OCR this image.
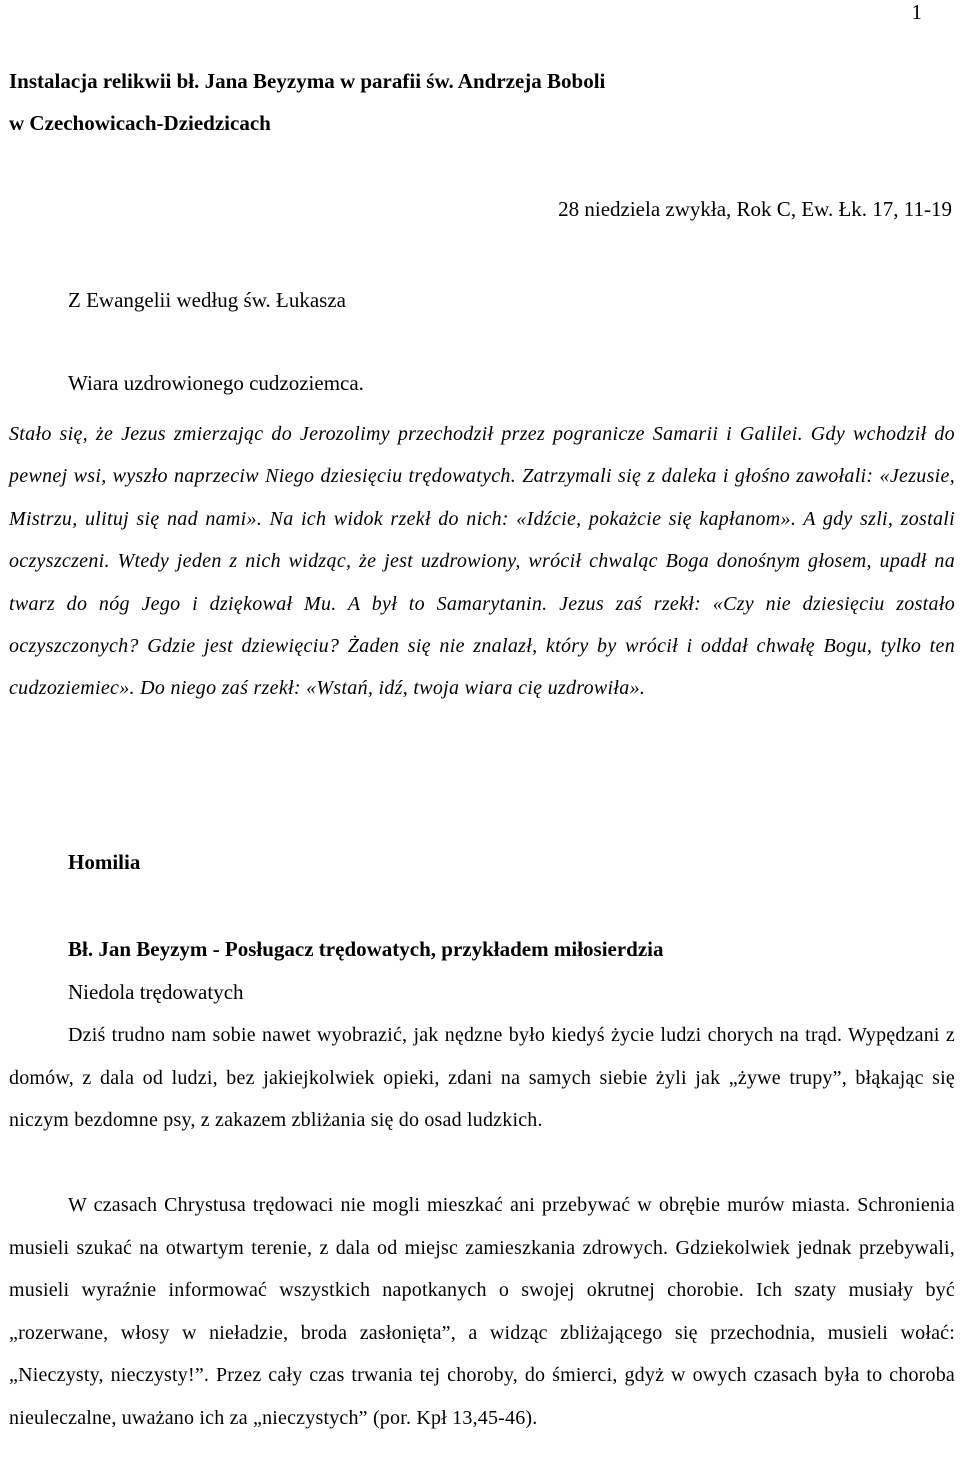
1

Instalacja relikwii bł. Jana Beyzyma w parafii św. Andrzeja Boboli

w Czechowicach-Dziedzicach

28 niedziela zwykła, Rok C, Ew. Łk. 17, 11-19
Z Ewangelii według św. Łukasza
Wiara uzdrowionego cudzoziemca.

Stało się, że Jezus zmierzając do Jerozolimy przechodził przez pogranicze Samarii i Galilei. Gdy wchodził do pewnej wsi, wyszło naprzeciw Niego dziesięciu trędowatych. Zatrzymali się z daleka i głośno zawołali: «Jezusie, Mistrzu, ulituj się nad nami». Na ich widok rzekł do nich: «Idźcie, pokażcie się kapłanom». A gdy szli, zostali oczyszczeni. Wtedy jeden z nich widząc, że jest uzdrowiony, wrócił chwaląc Boga donośnym głosem, upadł na twarz do nóg Jego i dziękował Mu. A był to Samarytanin. Jezus zaś rzekł: «Czy nie dziesięciu zostało oczyszczonych? Gdzie jest dziewięciu? Żaden się nie znalazł, który by wrócił i oddał chwałę Bogu, tylko ten cudzoziemiec». Do niego zaś rzekł: «Wstań, idź, twoja wiara cię uzdrowiła».

Homilia
Bł. Jan Beyzym - Posługacz trędowatych, przykładem miłosierdzia
Niedola trędowatych

Dziś trudno nam sobie nawet wyobrazić, jak nędzne było kiedyś życie ludzi chorych na trąd. Wypędzani z domów, z dala od ludzi, bez jakiejkolwiek opieki, zdani na samych siebie żyli jak „żywe trupy”, błąkając się niczym bezdomne psy, z zakazem zbliżania się do osad ludzkich.

W czasach Chrystusa trędowaci nie mogli mieszkać ani przebywać w obrębie murów miasta. Schronienia musieli szukać na otwartym terenie, z dala od miejsc zamieszkania zdrowych. Gdziekolwiek jednak przebywali, musieli wyraźnie informować wszystkich napotkanych o swojej okrutnej chorobie. Ich szaty musiały być „rozerwane, włosy w nieładzie, broda zasłonięta”, a widząc zbliżającego się przechodnia, musieli wołać: „Nieczysty, nieczysty!”. Przez cały czas trwania tej choroby, do śmierci, gdyż w owych czasach była to choroba nieuleczalne, uważano ich za „nieczystych” (por. Kpł 13,45-46).
